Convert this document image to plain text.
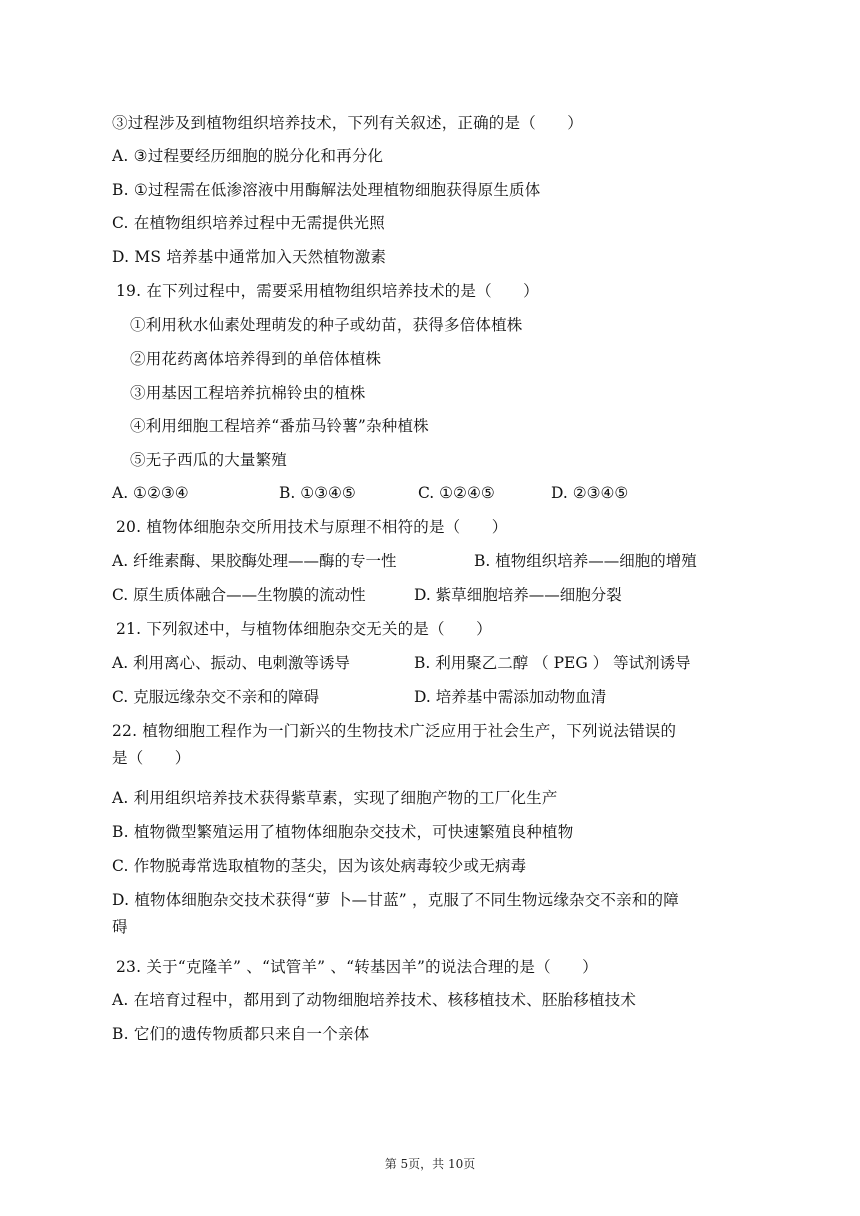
③过程涉及到植物组织培养技术，下列有关叙述，正确的是（　　）
A. ③过程要经历细胞的脱分化和再分化
B. ①过程需在低渗溶液中用酶解法处理植物细胞获得原生质体
C. 在植物组织培养过程中无需提供光照
D. MS 培养基中通常加入天然植物激素
19. 在下列过程中，需要采用植物组织培养技术的是（　　）
①利用秋水仙素处理萌发的种子或幼苗，获得多倍体植株
②用花药离体培养得到的单倍体植株
③用基因工程培养抗棉铃虫的植株
④利用细胞工程培养“番茄马铃薯”杂种植株
⑤无子西瓜的大量繁殖
A. ①②③④	B. ①③④⑤	C. ①②④⑤	D. ②③④⑤
20. 植物体细胞杂交所用技术与原理不相符的是（　　）
A. 纤维素酶、果胶酶处理——酶的专一性	B. 植物组织培养——细胞的增殖
C. 原生质体融合——生物膜的流动性	D. 紫草细胞培养——细胞分裂
21. 下列叙述中，与植物体细胞杂交无关的是（　　）
A. 利用离心、振动、电刺激等诱导	B. 利用聚乙二醇 （ PEG ） 等试剂诱导
C. 克服远缘杂交不亲和的障碍	D. 培养基中需添加动物血清
22. 植物细胞工程作为一门新兴的生物技术广泛应用于社会生产，下列说法错误的
是（　　）
A. 利用组织培养技术获得紫草素，实现了细胞产物的工厂化生产
B. 植物微型繁殖运用了植物体细胞杂交技术，可快速繁殖良种植物
C. 作物脱毒常选取植物的茎尖，因为该处病毒较少或无病毒
D. 植物体细胞杂交技术获得“萝 卜—甘蓝” ，克服了不同生物远缘杂交不亲和的障
碍
23. 关于“克隆羊” 、“试管羊” 、“转基因羊”的说法合理的是（　　）
A. 在培育过程中，都用到了动物细胞培养技术、核移植技术、胚胎移植技术
B. 它们的遗传物质都只来自一个亲体
第 5页，共 10页
